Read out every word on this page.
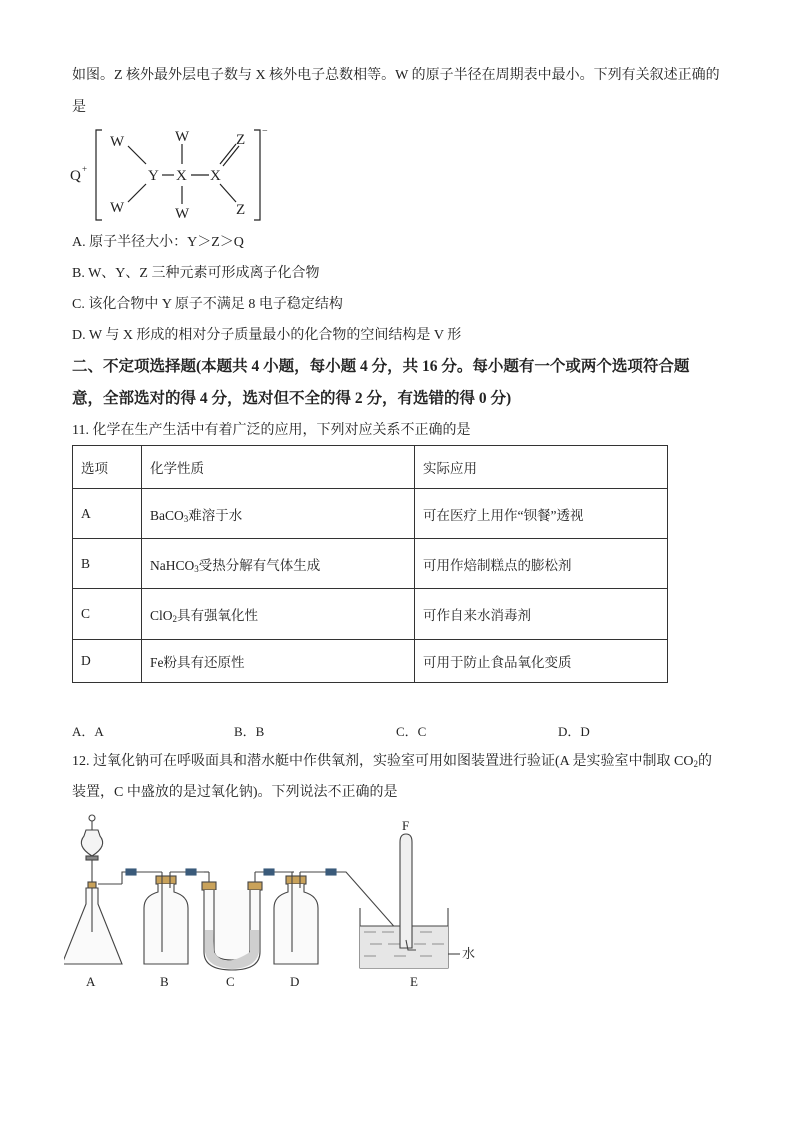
如图。Z 核外最外层电子数与 X 核外电子总数相等。W 的原子半径在周期表中最小。下列有关叙述正确的
是
Q +
W
W
Y
W
X
W
X
Z
Z
−
A. 原子半径大小：Y＞Z＞Q
B. W、Y、Z 三种元素可形成离子化合物
C. 该化合物中 Y 原子不满足 8 电子稳定结构
D. W 与 X 形成的相对分子质量最小的化合物的空间结构是 V 形
二、不定项选择题(本题共 4 小题，每小题 4 分，共 16 分。每小题有一个或两个选项符合题
意，全部选对的得 4 分，选对但不全的得 2 分，有选错的得 0 分)
11. 化学在生产生活中有着广泛的应用，下列对应关系不正确的是
选项	化学性质	实际应用
A	BaCO$_3$难溶于水	可在医疗上用作“钡餐”透视
B	NaHCO$_3$受热分解有气体生成	可用作焙制糕点的膨松剂
C	ClO$_2$具有强氧化性	可作自来水消毒剂
D	Fe粉具有还原性	可用于防止食品氧化变质
A．A	B．B	C．C	D．D
12. 过氧化钠可在呼吸面具和潜水艇中作供氧剂，实验室可用如图装置进行验证(A 是实验室中制取 $CO_2$的
装置，C 中盛放的是过氧化钠)。下列说法不正确的是
A	B	C	D	E
F
水
